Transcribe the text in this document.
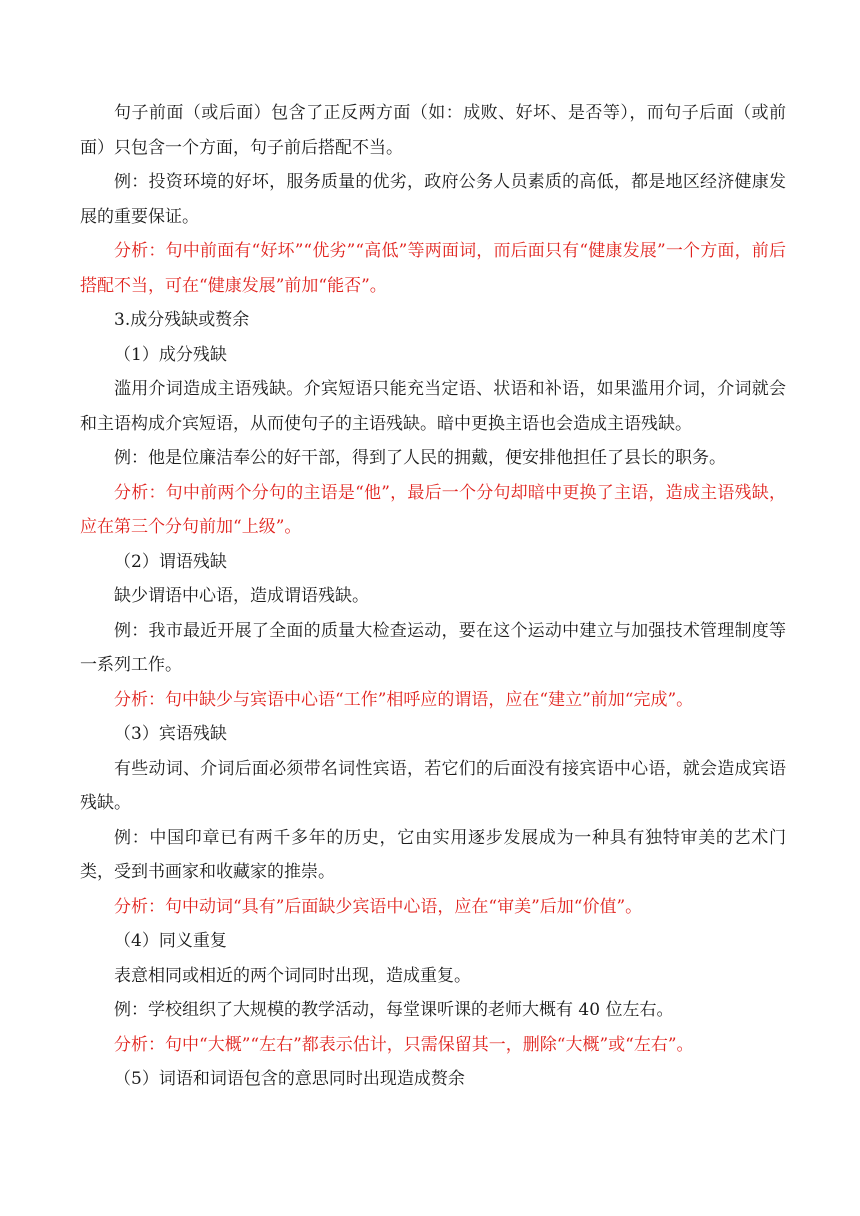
句子前面（或后面）包含了正反两方面（如：成败、好坏、是否等），而句子后面（或前面）只包含一个方面，句子前后搭配不当。

例：投资环境的好坏，服务质量的优劣，政府公务人员素质的高低，都是地区经济健康发展的重要保证。

分析：句中前面有“好坏”“优劣”“高低”等两面词，而后面只有“健康发展”一个方面，前后搭配不当，可在“健康发展”前加“能否”。

3.成分残缺或赘余

（1）成分残缺

滥用介词造成主语残缺。介宾短语只能充当定语、状语和补语，如果滥用介词，介词就会和主语构成介宾短语，从而使句子的主语残缺。暗中更换主语也会造成主语残缺。

例：他是位廉洁奉公的好干部，得到了人民的拥戴，便安排他担任了县长的职务。

分析：句中前两个分句的主语是“他”，最后一个分句却暗中更换了主语，造成主语残缺，应在第三个分句前加“上级”。

（2）谓语残缺

缺少谓语中心语，造成谓语残缺。

例：我市最近开展了全面的质量大检查运动，要在这个运动中建立与加强技术管理制度等一系列工作。

分析：句中缺少与宾语中心语“工作”相呼应的谓语，应在“建立”前加“完成”。

（3）宾语残缺

有些动词、介词后面必须带名词性宾语，若它们的后面没有接宾语中心语，就会造成宾语残缺。

例：中国印章已有两千多年的历史，它由实用逐步发展成为一种具有独特审美的艺术门类，受到书画家和收藏家的推崇。

分析：句中动词“具有”后面缺少宾语中心语，应在“审美”后加“价值”。

（4）同义重复

表意相同或相近的两个词同时出现，造成重复。

例：学校组织了大规模的教学活动，每堂课听课的老师大概有 40 位左右。

分析：句中“大概”“左右”都表示估计，只需保留其一，删除“大概”或“左右”。

（5）词语和词语包含的意思同时出现造成赘余
